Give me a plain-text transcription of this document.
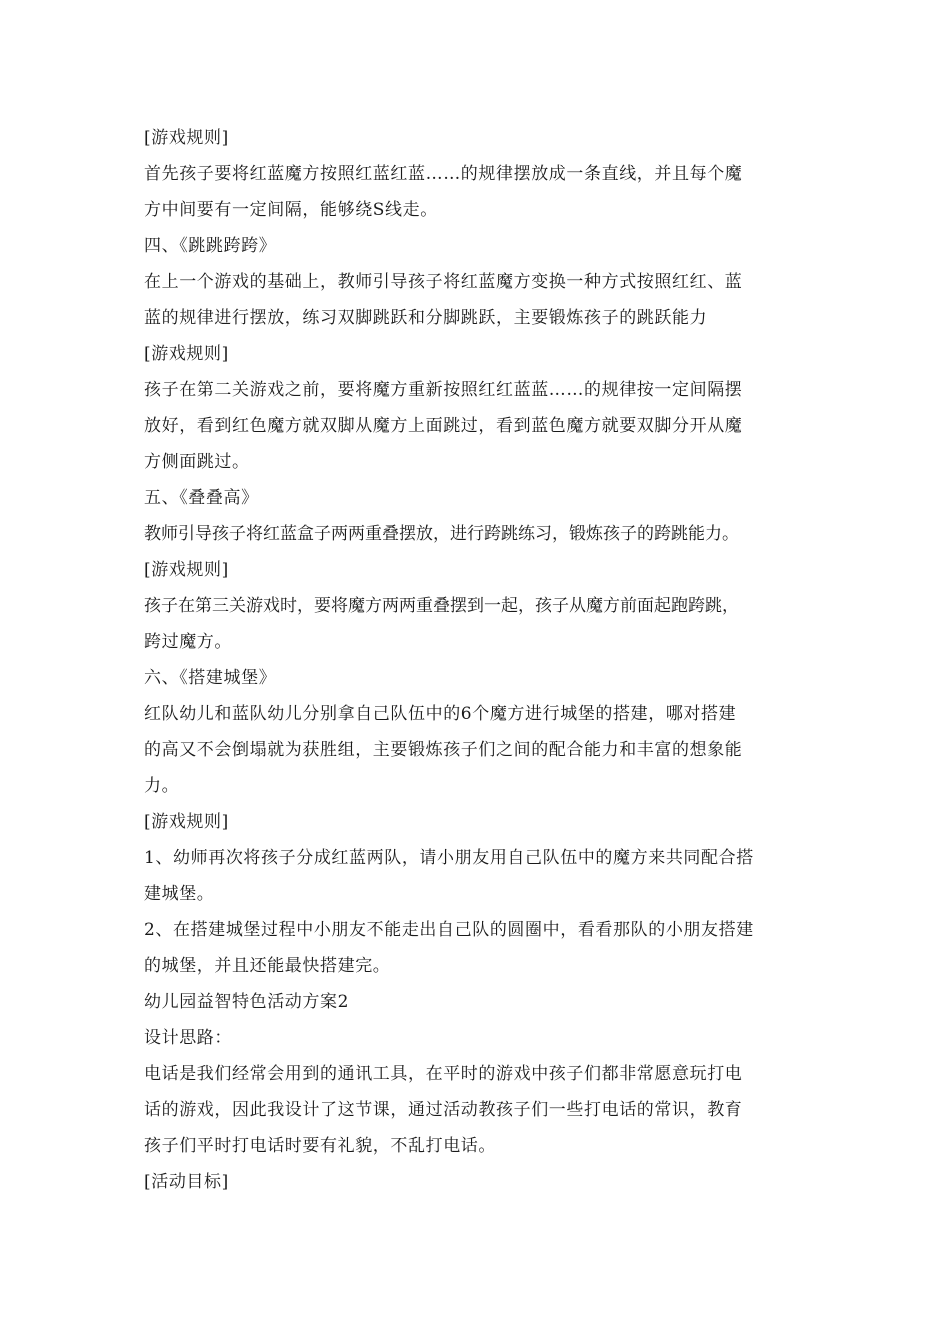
[游戏规则]
首先孩子要将红蓝魔方按照红蓝红蓝……的规律摆放成一条直线，并且每个魔
方中间要有一定间隔，能够绕S线走。
四、《跳跳跨跨》
在上一个游戏的基础上，教师引导孩子将红蓝魔方变换一种方式按照红红、蓝
蓝的规律进行摆放，练习双脚跳跃和分脚跳跃，主要锻炼孩子的跳跃能力
[游戏规则]
孩子在第二关游戏之前，要将魔方重新按照红红蓝蓝……的规律按一定间隔摆
放好，看到红色魔方就双脚从魔方上面跳过，看到蓝色魔方就要双脚分开从魔
方侧面跳过。
五、《叠叠高》
教师引导孩子将红蓝盒子两两重叠摆放，进行跨跳练习，锻炼孩子的跨跳能力。
[游戏规则]
孩子在第三关游戏时，要将魔方两两重叠摆到一起，孩子从魔方前面起跑跨跳，
跨过魔方。
六、《搭建城堡》
红队幼儿和蓝队幼儿分别拿自己队伍中的6个魔方进行城堡的搭建，哪对搭建
的高又不会倒塌就为获胜组，主要锻炼孩子们之间的配合能力和丰富的想象能
力。
[游戏规则]
1、幼师再次将孩子分成红蓝两队，请小朋友用自己队伍中的魔方来共同配合搭
建城堡。
2、在搭建城堡过程中小朋友不能走出自己队的圆圈中，看看那队的小朋友搭建
的城堡，并且还能最快搭建完。
幼儿园益智特色活动方案2
设计思路：
电话是我们经常会用到的通讯工具，在平时的游戏中孩子们都非常愿意玩打电
话的游戏，因此我设计了这节课，通过活动教孩子们一些打电话的常识，教育
孩子们平时打电话时要有礼貌，不乱打电话。
[活动目标]
